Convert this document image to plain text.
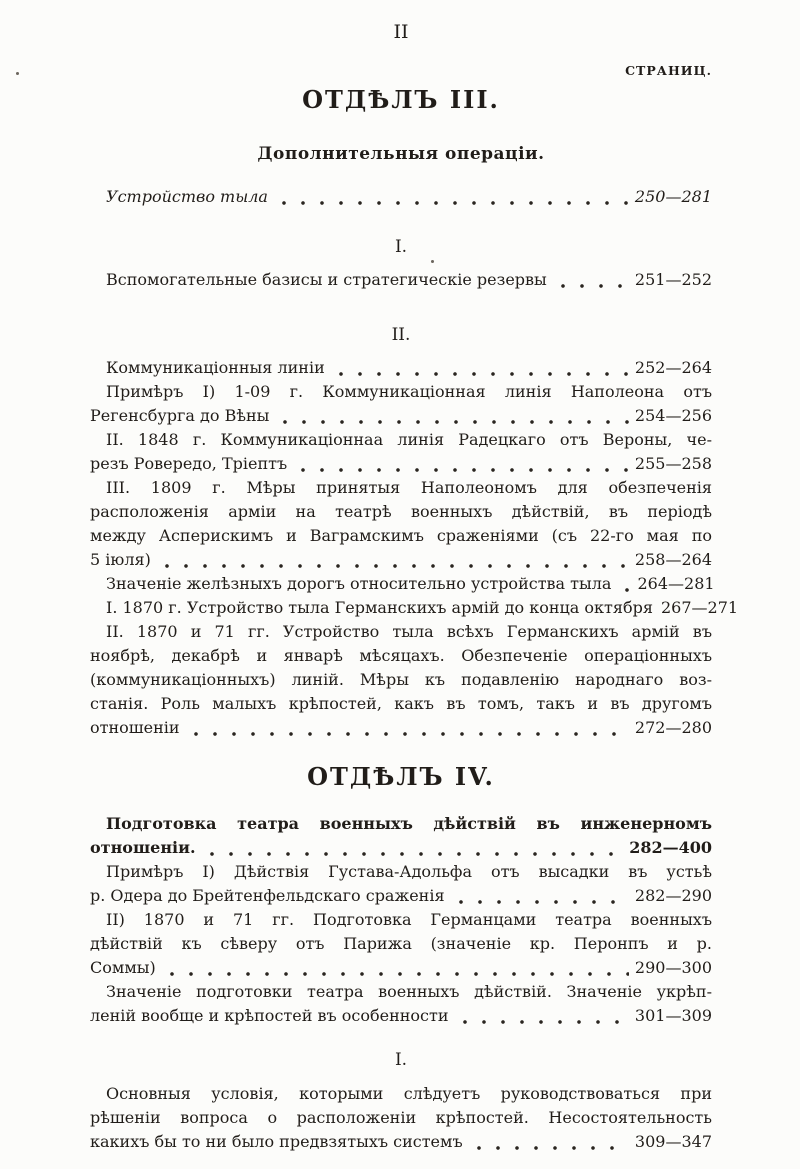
II
СТРАНИЦ.
ОТДѢЛЪ III.
Дополнительныя операціи.
Устройство тыла	250—281
I.
Вспомогательные базисы и стратегическіе резервы	251—252
II.
Коммуникаціонныя линіи	252—264
Примѣръ I) 1-09 г. Коммуникаціонная линія Наполеона отъ
Регенсбурга до Вѣны	254—256
II. 1848 г. Коммуникаціоннаа линія Радецкаго отъ Вероны, че-
резъ Ровередо, Тріептъ	255—258
III. 1809 г. Мѣры принятыя Наполеономъ для обезпеченія
расположенія арміи на театрѣ военныхъ дѣйствій, въ періодѣ
между Асперискимъ и Ваграмскимъ сраженіями (съ 22-го мая по
5 іюля)	258—264
Значеніе желѣзныхъ дорогъ относительно устройства тыла 264—281
I. 1870 г. Устройство тыла Германскихъ армій до конца октября 267—271
II. 1870 и 71 гг. Устройство тыла всѣхъ Германскихъ армій въ
ноябрѣ, декабрѣ и январѣ мѣсяцахъ. Обезпеченіе операціонныхъ
(коммуникаціонныхъ) линій. Мѣры къ подавленію народнаго воз-
станія. Роль малыхъ крѣпостей, какъ въ томъ, такъ и въ другомъ
отношеніи	272—280
ОТДѢЛЪ IV.
Подготовка театра военныхъ дѣйствій въ инженерномъ
отношеніи.	282—400
Примѣръ I) Дѣйствія Густава-Адольфа отъ высадки въ устьѣ
р. Одера до Брейтенфельдскаго сраженія	282—290
II) 1870 и 71 гг. Подготовка Германцами театра военныхъ
дѣйствій къ сѣверу отъ Парижа (значеніе кр. Перонпъ и р.
Соммы)	290—300
Значеніе подготовки театра военныхъ дѣйствій. Значеніе укрѣп-
леній вообще и крѣпостей въ особенности	301—309
I.
Основныя условія, которыми слѣдуетъ руководствоваться при
рѣшеніи вопроса о расположеніи крѣпостей. Несостоятельность
какихъ бы то ни было предвзятыхъ системъ	309—347
